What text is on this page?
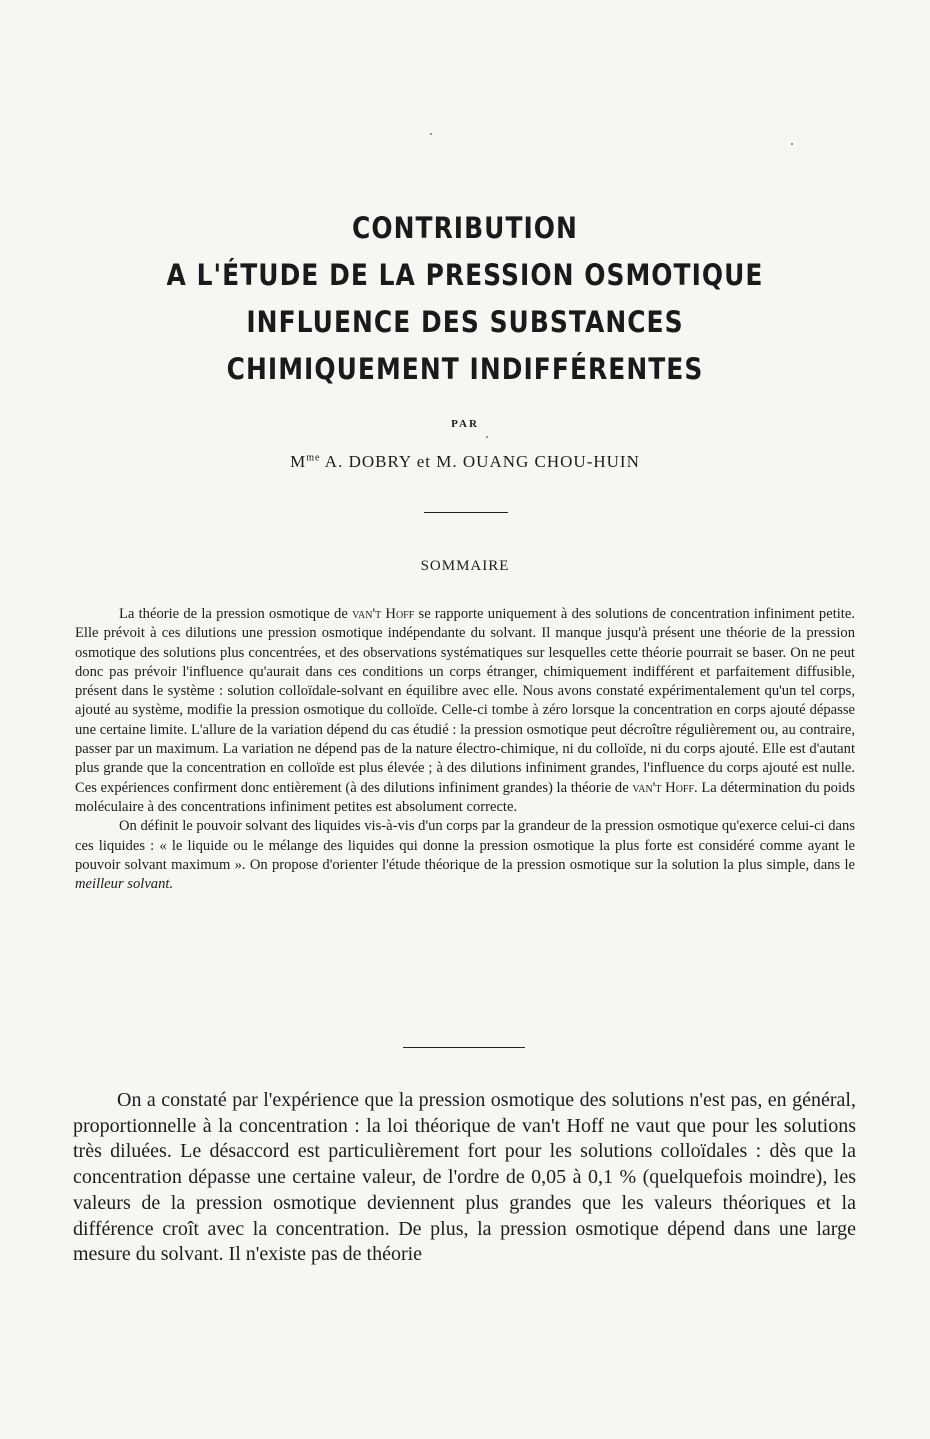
CONTRIBUTION
A L'ÉTUDE DE LA PRESSION OSMOTIQUE
INFLUENCE DES SUBSTANCES
CHIMIQUEMENT INDIFFÉRENTES
PAR
$M^{me}$ A. DOBRY et M. OUANG CHOU-HUIN
SOMMAIRE

La théorie de la pression osmotique de van't Hoff se rapporte uniquement à des solutions de concentration infiniment petite. Elle prévoit à ces dilutions une pression osmotique indépendante du solvant. Il manque jusqu'à présent une théorie de la pression osmotique des solutions plus concentrées, et des observations systématiques sur lesquelles cette théorie pourrait se baser. On ne peut donc pas prévoir l'influence qu'aurait dans ces conditions un corps étranger, chimiquement indifférent et parfaitement diffusible, présent dans le système : solution colloïdale-solvant en équilibre avec elle. Nous avons constaté expérimentalement qu'un tel corps, ajouté au système, modifie la pression osmotique du colloïde. Celle-ci tombe à zéro lorsque la concentration en corps ajouté dépasse une certaine limite. L'allure de la variation dépend du cas étudié : la pression osmotique peut décroître régulièrement ou, au contraire, passer par un maximum. La variation ne dépend pas de la nature électro-chimique, ni du colloïde, ni du corps ajouté. Elle est d'autant plus grande que la concentration en colloïde est plus élevée ; à des dilutions infiniment grandes, l'influence du corps ajouté est nulle. Ces expériences confirment donc entièrement (à des dilutions infiniment grandes) la théorie de van't Hoff. La détermination du poids moléculaire à des concentrations infiniment petites est absolument correcte.

On définit le pouvoir solvant des liquides vis-à-vis d'un corps par la grandeur de la pression osmotique qu'exerce celui-ci dans ces liquides : « le liquide ou le mélange des liquides qui donne la pression osmotique la plus forte est considéré comme ayant le pouvoir solvant maximum ». On propose d'orienter l'étude théorique de la pression osmotique sur la solution la plus simple, dans le meilleur solvant.

On a constaté par l'expérience que la pression osmotique des solutions n'est pas, en général, proportionnelle à la concentration : la loi théorique de van't Hoff ne vaut que pour les solutions très diluées. Le désaccord est particulièrement fort pour les solutions colloïdales : dès que la concentration dépasse une certaine valeur, de l'ordre de 0,05 à 0,1 % (quelquefois moindre), les valeurs de la pression osmotique deviennent plus grandes que les valeurs théoriques et la différence croît avec la concentration. De plus, la pression osmotique dépend dans une large mesure du solvant. Il n'existe pas de théorie
